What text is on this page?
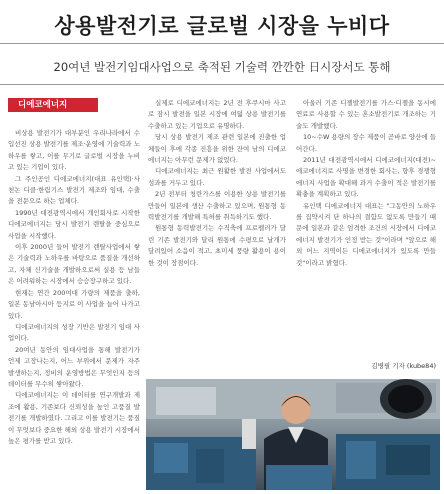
상용발전기로 글로벌 시장을 누비다
20여년 발전기임대사업으로 축적된 기술력 깐깐한 日시장서도 통해
디에코에너지

비상용 발전기가 대부분인 우리나라에서 수입선진 상용 발전기를 제조·운영에 기술력과 노하우를 쌓고, 이를 무기로 글로벌 시장을 누비고 있는 기업이 있다.

그 주인공인 디에코에너지(대표 유인택)·사천논 디클·한림기스 발전기 제조와 임대, 수출을 전문으로 하는 업체다.

1990년 대전광역시에서 개인회사로 시작한 디에코에너지는 당시 발전기 렌탈을 중심으로 사업을 시작했다.

이후 2000년 들어 발전기 렌탈사업에서 쌓은 기술력과 노하우를 바탕으로 품질을 개선하고, 자체 신기술을 개발하으로써 실용 등 남들은 어려워하는 시장에서 승승장구하고 있다.

현재는 연간 200여대 가량의 제품을 출하, 일본 동남아시아 등지로 이 사업을 늘어 나가고 있다.

디에코에너지의 성장 기반은 발전기 임대 사업이다.

20여년 동안의 임대사업을 통해 발전기가 언제 고장나는지, 어느 부위에서 문제가 자주 발생하는지, 정비의 운영방법은 무엇인지 등의 데이터를 무수히 쌓아왔다.

디에코에너지는 이 데이터를 연구개발과 제조에 활용, 기존보다 신뢰성을 높인 고품질 발전기를 개발하였다. 그리고 이를 발전기는 품질이 무엇보다 중요한 해외 상용 발전기 시장에서 높은 평가를 받고 있다.

실제로 디에코에너지는 2년 전 후쿠시마 사고로 잠시 발전을 일본 시장에 여덟 상용 발전기를 수출하고 있는 기업으로 유명하다.

당시 상용 발전기 제조 관련 일본에 진출한 업체들이 후에 각종 진흥을 위한 잔여 남의 디에코에너지는 아무런 문제가 없었다.

디에코에너지는 최근 원활한 발전 사업에서도 성과를 거두고 있다.

2년 전부터 청란가스를 이용한 상용 발전기를 만들어 일본에 생산 수출하고 있으며, 원통형 동력발전기를 개발해 특허를 취득하기도 했다.

원통형 동력발전기는 수직축에 프로펠러가 달린 기존 발전기와 달리 원통에 수평으로 날개가 달려있어 소음이 적고, 초미세 풍량 활용이 용이한 것이 장점이다.

아울러 기존 디젤발전기를 가스·디젤을 동시에 연료로 사용할 수 있는 혼소발전기로 개조하는 기술도 개발했다.

10~수W 용량의 장수 제품이 곧바로 양산에 들어간다.

2011년 대전광역시에서 디에코에너지(대전)~에코에너지로 사명을 변경한 회사는, 향후 경쟁형 에너지 사업을 확대해 과거 수출이 적은 발전기를 확충을 계획하고 있다.

유인택 디에코에너지 대표는 "그동안의 노하우를 집약시켜 단 하나의 결함도 없도록 만들기 때문에 일본과 같은 엄격한 조건의 시장에서 디에코에너지 발전기가 인정 받는 것"이라며 "앞으로 해외 어느 지역이든 디에코에너지가 있도록 만들 것"이라고 밝혔다.

김병필 기자 (kube84)
